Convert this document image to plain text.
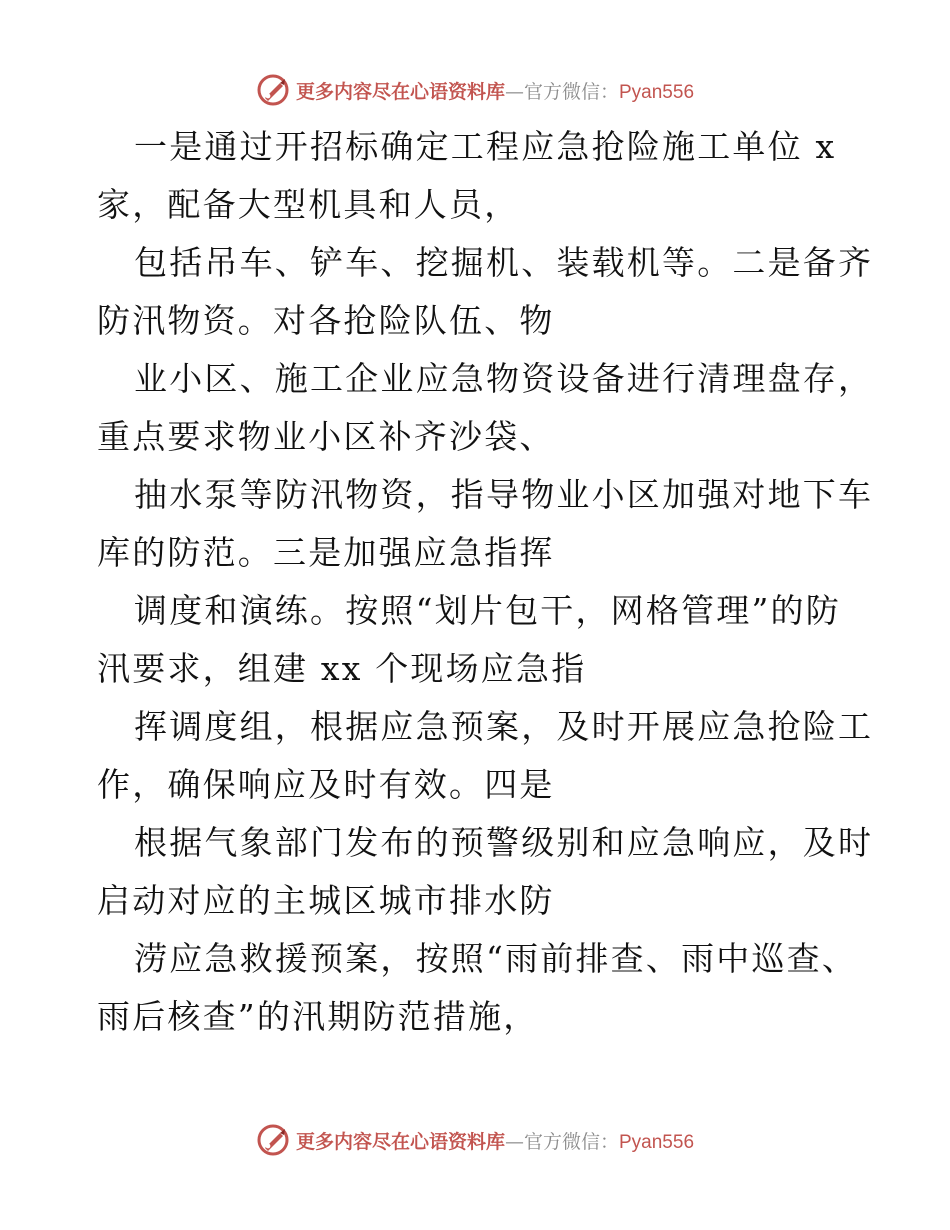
更多内容尽在心语资料库—官方微信：Pyan556
一是通过开招标确定工程应急抢险施工单位 x
家，配备大型机具和人员，
包括吊车、铲车、挖掘机、装载机等。二是备齐
防汛物资。对各抢险队伍、物
业小区、施工企业应急物资设备进行清理盘存，
重点要求物业小区补齐沙袋、
抽水泵等防汛物资，指导物业小区加强对地下车
库的防范。三是加强应急指挥
调度和演练。按照“划片包干，网格管理”的防
汛要求，组建 xx 个现场应急指
挥调度组，根据应急预案，及时开展应急抢险工
作，确保响应及时有效。四是
根据气象部门发布的预警级别和应急响应，及时
启动对应的主城区城市排水防
涝应急救援预案，按照“雨前排查、雨中巡查、
雨后核查”的汛期防范措施，
更多内容尽在心语资料库—官方微信：Pyan556
